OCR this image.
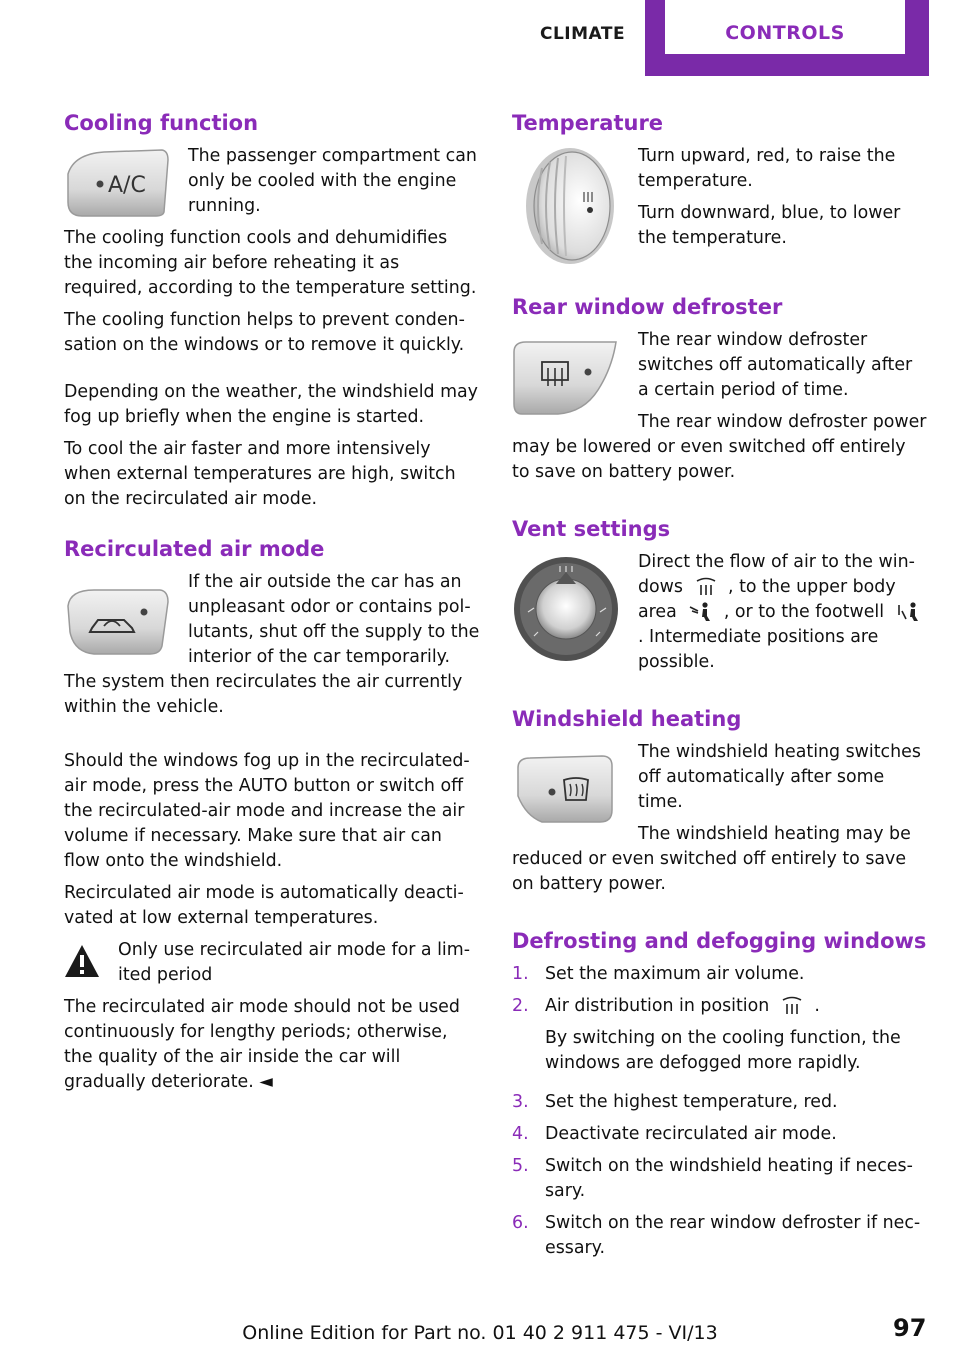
CLIMATE	CONTROLS
Cooling function
A/C

The passenger compartment can only be cooled with the engine running.

The cooling function cools and dehumidifies the incoming air before reheating it as required, according to the temperature setting.

The cooling function helps to prevent condensation on the windows or to remove it quickly.

Depending on the weather, the windshield may fog up briefly when the engine is started.

To cool the air faster and more intensively when external temperatures are high, switch on the recirculated air mode.

Recirculated air mode

If the air outside the car has an unpleasant odor or contains pollutants, shut off the supply to the interior of the car temporarily. The system then recirculates the air currently within the vehicle.

Should the windows fog up in the recirculated-air mode, press the AUTO button or switch off the recirculated-air mode and increase the air volume if necessary. Make sure that air can flow onto the windshield.

Recirculated air mode is automatically deactivated at low external temperatures.

Only use recirculated air mode for a limited period

The recirculated air mode should not be used continuously for lengthy periods; otherwise, the quality of the air inside the car will gradually deteriorate. ◄

Temperature

Turn upward, red, to raise the temperature.

Turn downward, blue, to lower the temperature.

Rear window defroster

The rear window defroster switches off automatically after a certain period of time.

The rear window defroster power may be lowered or even switched off entirely to save on battery power.

Vent settings

Direct the flow of air to the windows	, to the upper body area	, or to the footwell  . Intermediate positions are possible.

Windshield heating

The windshield heating switches off automatically after some time.

The windshield heating may be reduced or even switched off entirely to save on battery power.

Defrosting and defogging windows
1. Set the maximum air volume.
2. Air distribution in position	.

By switching on the cooling function, the windows are defogged more rapidly.

3. Set the highest temperature, red.
4. Deactivate recirculated air mode.
5. Switch on the windshield heating if necessary.
6. Switch on the rear window defroster if necessary.
Online Edition for Part no. 01 40 2 911 475 - VI/13	97
